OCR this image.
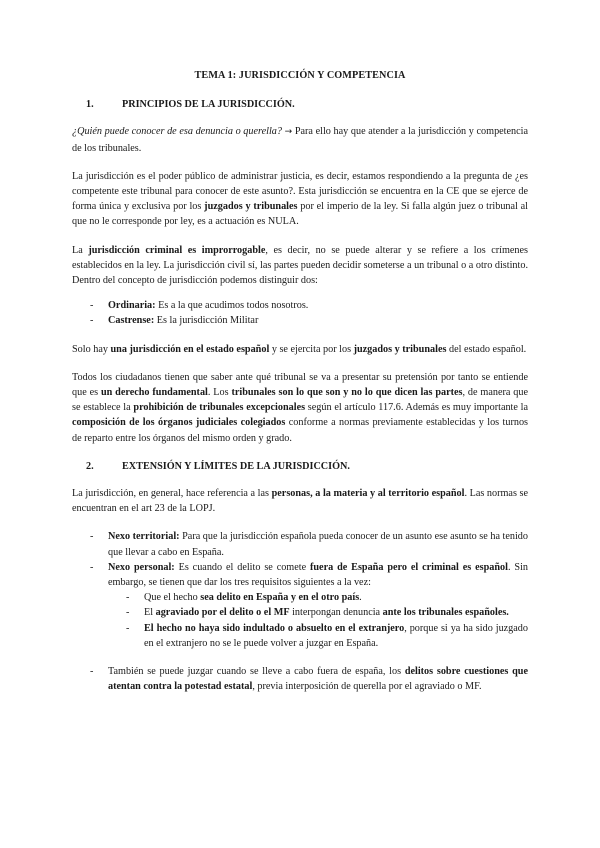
TEMA 1: JURISDICCIÓN Y COMPETENCIA
1.	PRINCIPIOS DE LA JURISDICCIÓN.

¿Quién puede conocer de esa denuncia o querella? → Para ello hay que atender a la jurisdicción y competencia de los tribunales.

La jurisdicción es el poder público de administrar justicia, es decir, estamos respondiendo a la pregunta de ¿es competente este tribunal para conocer de este asunto?. Esta jurisdicción se encuentra en la CE que se ejerce de forma única y exclusiva por los juzgados y tribunales por el imperio de la ley. Si falla algún juez o tribunal al que no le corresponde por ley, es a actuación es NULA.

La jurisdicción criminal es improrrogable, es decir, no se puede alterar y se refiere a los crímenes establecidos en la ley. La jurisdicción civil sí, las partes pueden decidir someterse a un tribunal o a otro distinto. Dentro del concepto de jurisdicción podemos distinguir dos:

- Ordinaria: Es a la que acudimos todos nosotros.
- Castrense: Es la jurisdicción Militar

Solo hay una jurisdicción en el estado español y se ejercita por los juzgados y tribunales del estado español.

Todos los ciudadanos tienen que saber ante qué tribunal se va a presentar su pretensión por tanto se entiende que es un derecho fundamental. Los tribunales son lo que son y no lo que dicen las partes, de manera que se establece la prohibición de tribunales excepcionales según el artículo 117.6. Además es muy importante la composición de los órganos judiciales colegiados conforme a normas previamente establecidas y los turnos de reparto entre los órganos del mismo orden y grado.

2.	EXTENSIÓN Y LÍMITES DE LA JURISDICCIÓN.

La jurisdicción, en general, hace referencia a las personas, a la materia y al territorio español. Las normas se encuentran en el art 23 de la LOPJ.

- Nexo territorial: Para que la jurisdicción española pueda conocer de un asunto ese asunto se ha tenido que llevar a cabo en España.
- Nexo personal: Es cuando el delito se comete fuera de España pero el criminal es español. Sin embargo, se tienen que dar los tres requisitos siguientes a la vez:
- Que el hecho sea delito en España y en el otro país.
- El agraviado por el delito o el MF interpongan denuncia ante los tribunales españoles.
- El hecho no haya sido indultado o absuelto en el extranjero, porque si ya ha sido juzgado en el extranjero no se le puede volver a juzgar en España.
- También se puede juzgar cuando se lleve a cabo fuera de españa, los delitos sobre cuestiones que atentan contra la potestad estatal, previa interposición de querella por el agraviado o MF.
